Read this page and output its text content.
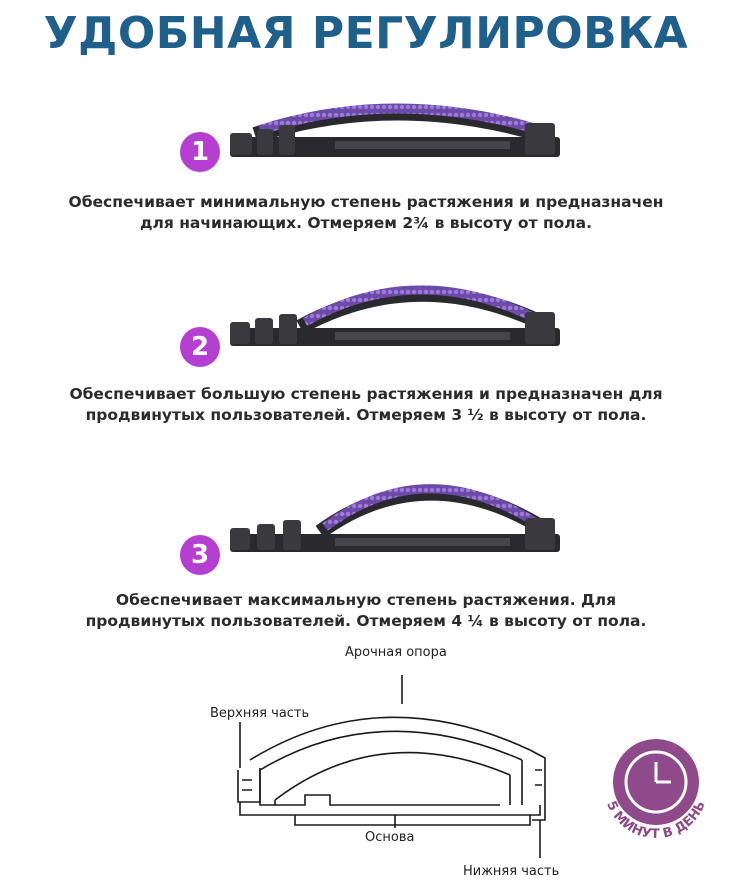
УДОБНАЯ РЕГУЛИРОВКА
1
Обеспечивает минимальную степень растяжения и предназначен
для начинающих. Отмеряем 2¾ в высоту от пола.
2
Обеспечивает большую степень растяжения и предназначен для
продвинутых пользователей. Отмеряем 3 ½ в высоту от пола.
3
Обеспечивает максимальную степень растяжения. Для
продвинутых пользователей. Отмеряем 4 ¼ в высоту от пола.
Арочная опора
Верхняя часть
Основа
Нижняя часть
5 МИНУТ В ДЕНЬ
